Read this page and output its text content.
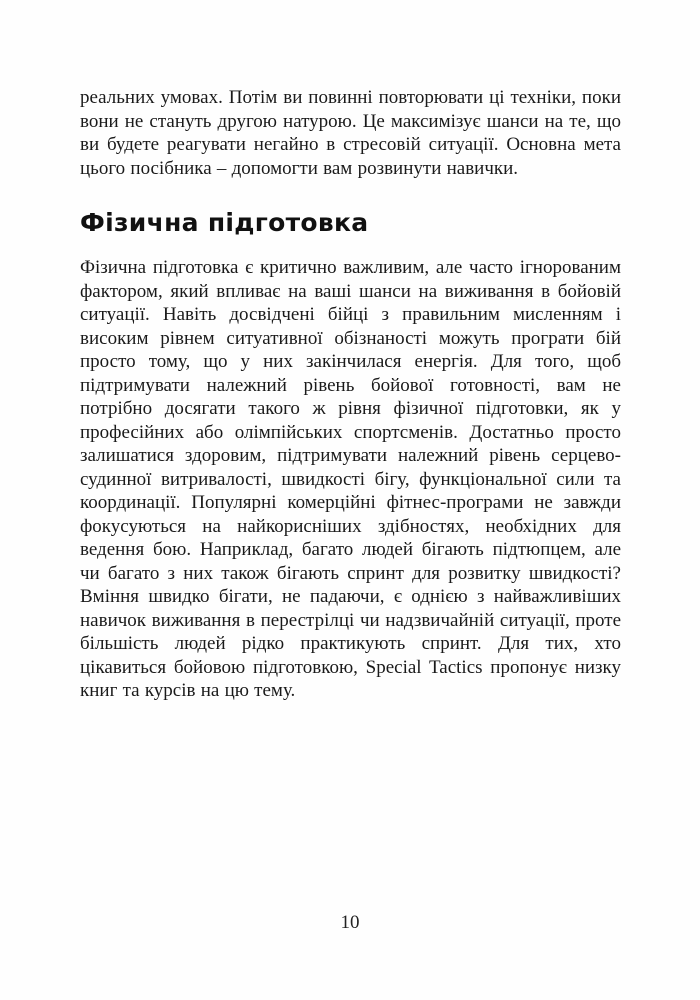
реальних умовах. Потім ви повинні повторювати ці техніки, поки вони не стануть другою натурою. Це максимізує шанси на те, що ви будете реагувати негайно в стресовій ситуації. Основна мета цього посібника – допомогти вам розвинути навички.

Фізична підготовка

Фізична підготовка є критично важливим, але часто ігнорованим фактором, який впливає на ваші шанси на виживання в бойовій ситуації. Навіть досвідчені бійці з правильним мисленням і високим рівнем ситуативної обізнаності можуть програти бій просто тому, що у них закінчилася енергія. Для того, щоб підтримувати належний рівень бойової готовності, вам не потрібно досягати такого ж рівня фізичної підготовки, як у професійних або олімпійських спортсменів. Достатньо просто залишатися здоровим, підтримувати належний рівень серцево-судинної витривалості, швидкості бігу, функціональної сили та координації. Популярні комерційні фітнес-програми не завжди фокусуються на найкорисніших здібностях, необхідних для ведення бою. Наприклад, багато людей бігають підтюпцем, але чи багато з них також бігають спринт для розвитку швидкості? Вміння швидко бігати, не падаючи, є однією з найважливіших навичок виживання в перестрілці чи надзвичайній ситуації, проте більшість людей рідко практикують спринт. Для тих, хто цікавиться бойовою підготовкою, Special Tactics пропонує низку книг та курсів на цю тему.

10
